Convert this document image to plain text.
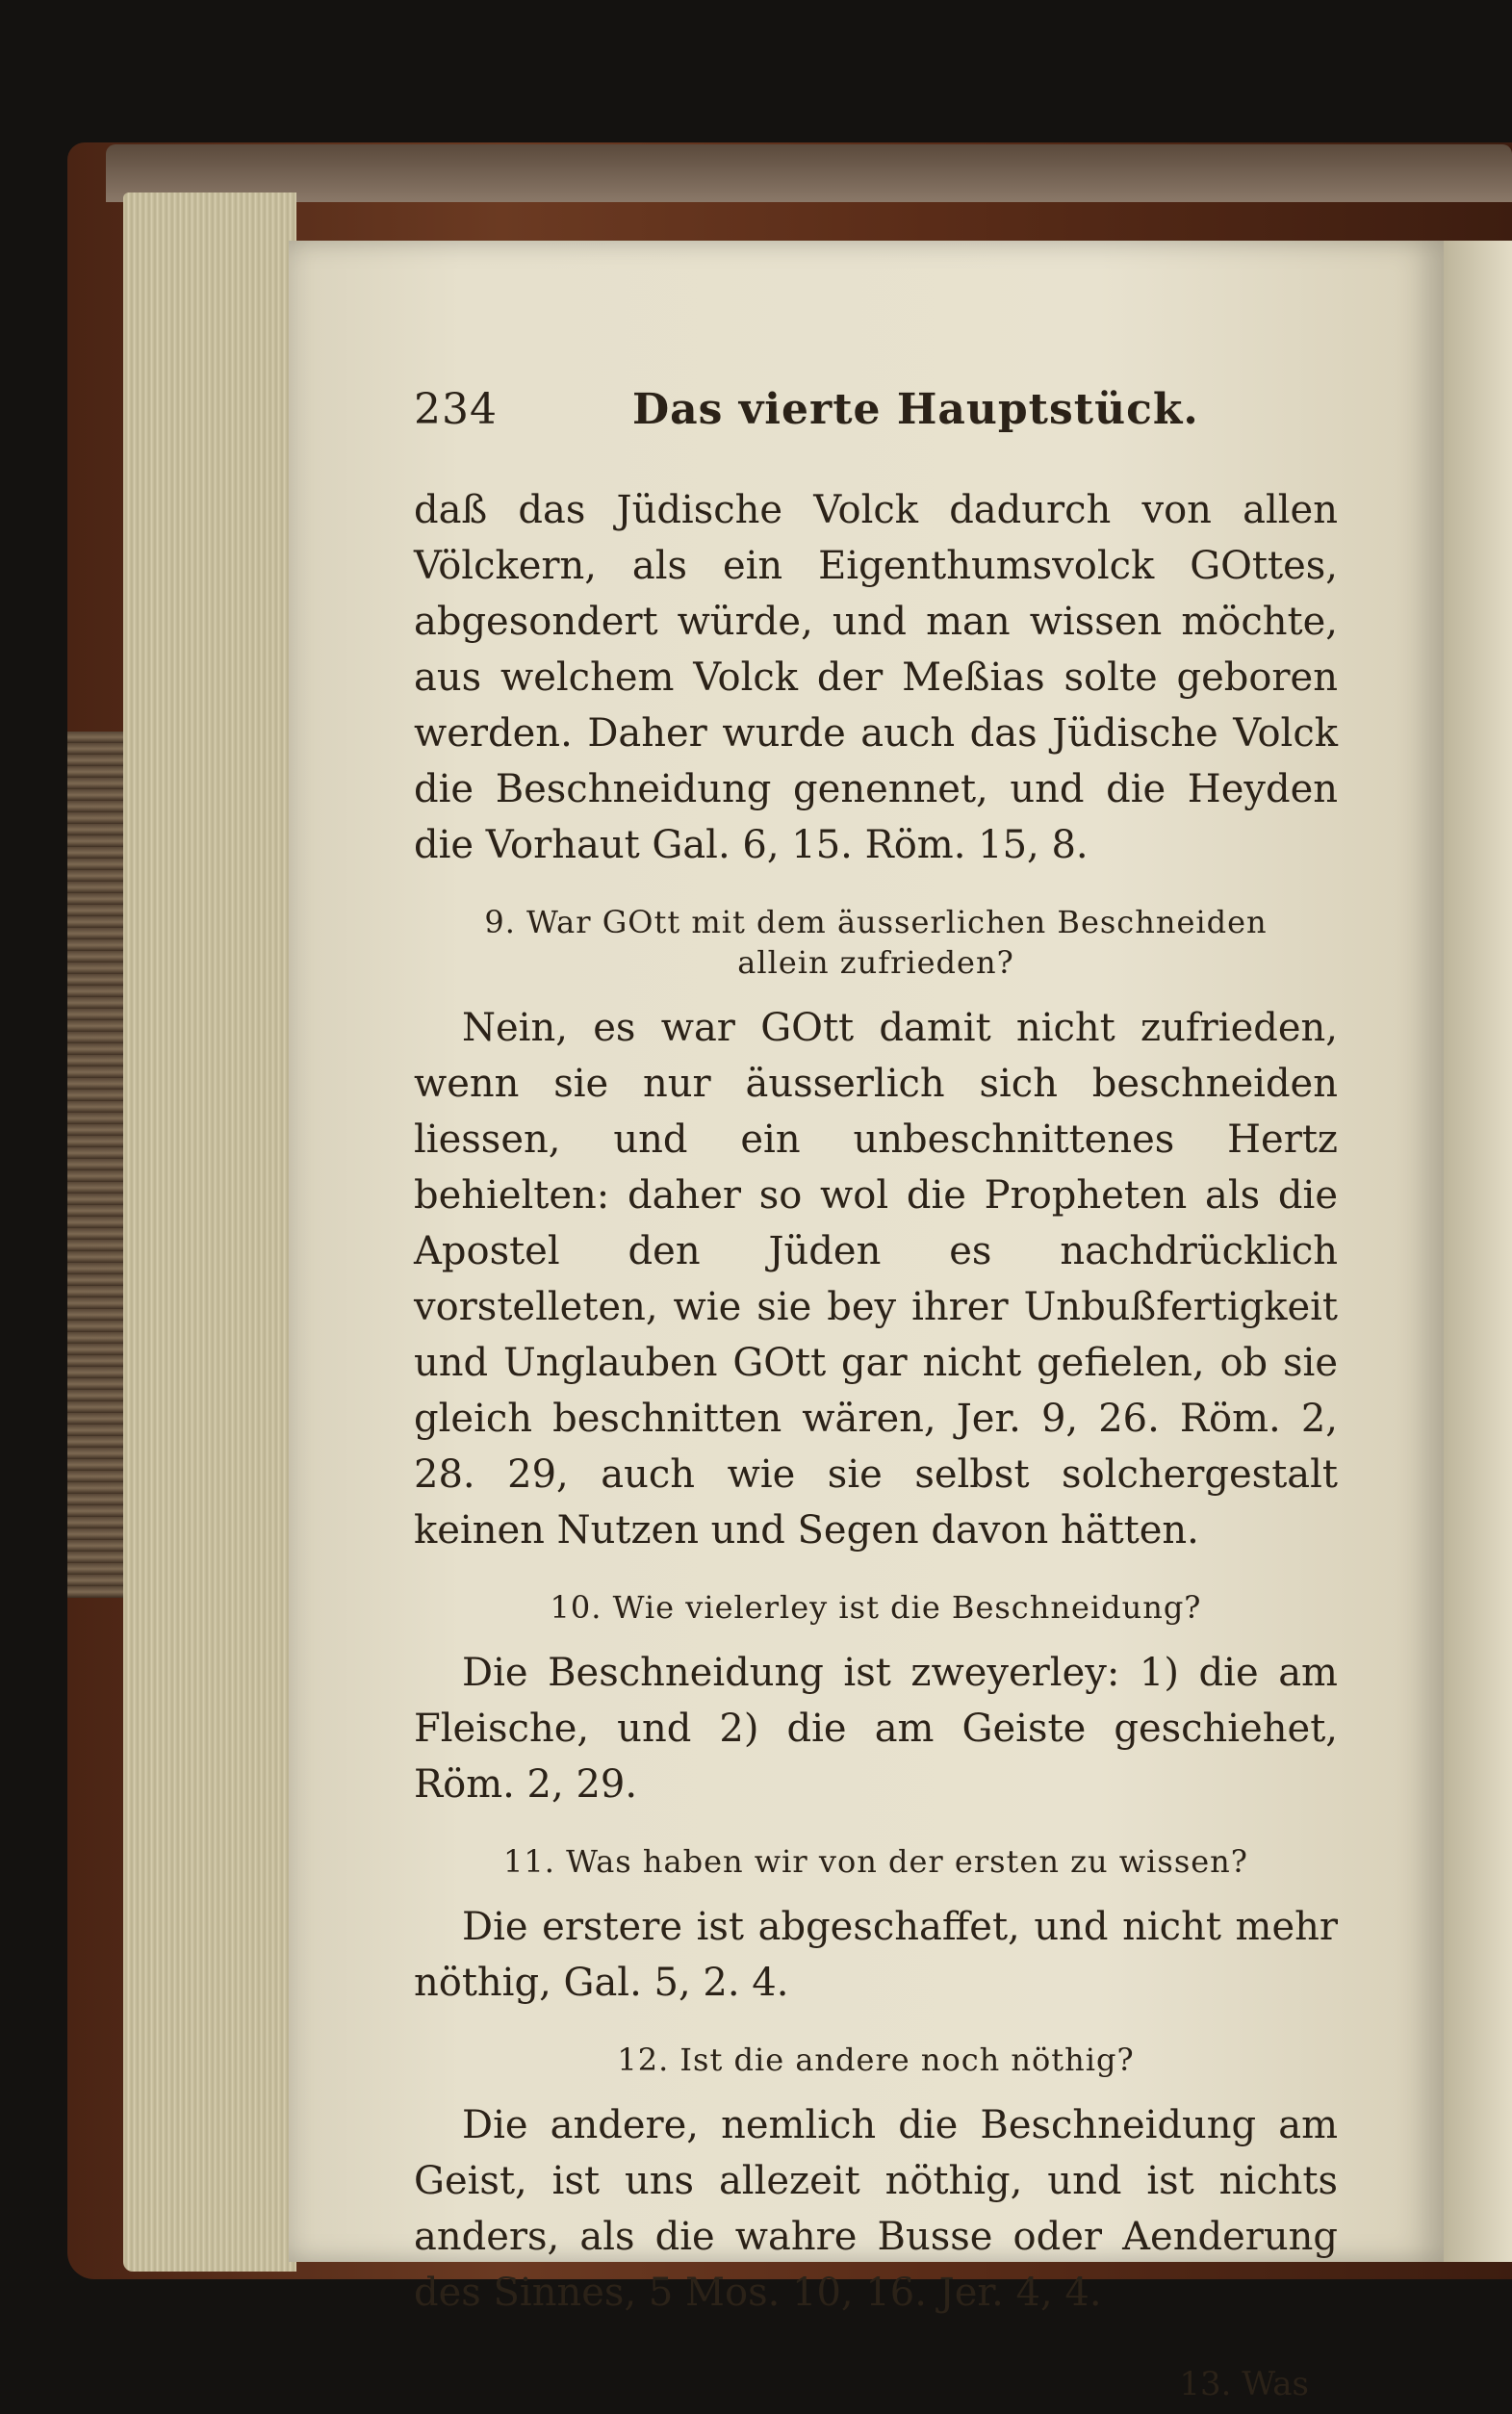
234	Das vierte Hauptstück.

daß das Jüdische Volck dadurch von allen Völckern, als ein Eigenthumsvolck GOttes, abgesondert würde, und man wissen möchte, aus welchem Volck der Meßias solte geboren werden. Daher wurde auch das Jüdische Volck die Beschneidung genennet, und die Heyden die Vorhaut Gal. 6, 15. Röm. 15, 8.

9. War GOtt mit dem äusserlichen Beschneiden allein zufrieden?

Nein, es war GOtt damit nicht zufrieden, wenn sie nur äusserlich sich beschneiden liessen, und ein unbeschnittenes Hertz behielten: daher so wol die Propheten als die Apostel den Jüden es nachdrücklich vorstelleten, wie sie bey ihrer Unbußfertigkeit und Unglauben GOtt gar nicht gefielen, ob sie gleich beschnitten wären, Jer. 9, 26. Röm. 2, 28. 29, auch wie sie selbst solchergestalt keinen Nutzen und Segen davon hätten.

10. Wie vielerley ist die Beschneidung?

Die Beschneidung ist zweyerley: 1) die am Fleische, und 2) die am Geiste geschiehet, Röm. 2, 29.

11. Was haben wir von der ersten zu wissen?

Die erstere ist abgeschaffet, und nicht mehr nöthig, Gal. 5, 2. 4.

12. Ist die andere noch nöthig?

Die andere, nemlich die Beschneidung am Geist, ist uns allezeit nöthig, und ist nichts anders, als die wahre Busse oder Aenderung des Sinnes, 5 Mos. 10, 16. Jer. 4, 4.

13. Was
